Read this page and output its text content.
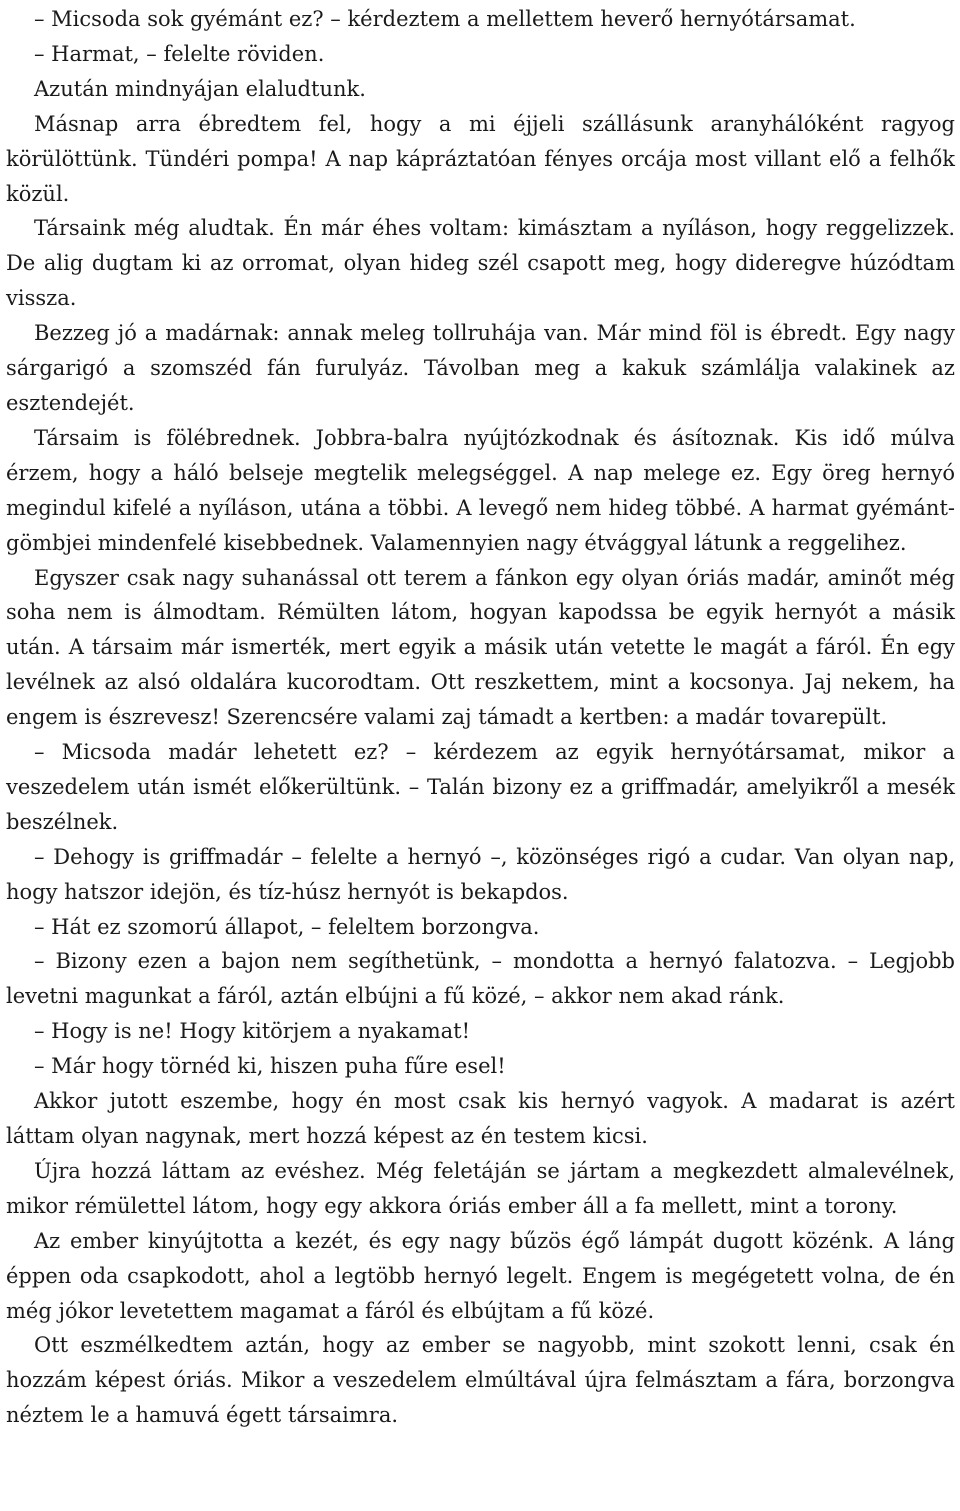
– Micsoda sok gyémánt ez? – kérdeztem a mellettem heverő hernyótársamat.

– Harmat, – felelte röviden.

Azután mindnyájan elaludtunk.

Másnap arra ébredtem fel, hogy a mi éjjeli szállásunk aranyhálóként ragyog körülöttünk. Tündéri pompa! A nap kápráztatóan fényes orcája most villant elő a felhők közül.

Társaink még aludtak. Én már éhes voltam: kimásztam a nyíláson, hogy reggelizzek. De alig dugtam ki az orromat, olyan hideg szél csapott meg, hogy dideregve húzódtam vissza.

Bezzeg jó a madárnak: annak meleg tollruhája van. Már mind föl is ébredt. Egy nagy sárgarigó a szomszéd fán furulyáz. Távolban meg a kakuk számlálja valakinek az esztendejét.

Társaim is fölébrednek. Jobbra-balra nyújtózkodnak és ásítoznak. Kis idő múlva érzem, hogy a háló belseje megtelik melegséggel. A nap melege ez. Egy öreg hernyó megindul kifelé a nyíláson, utána a többi. A levegő nem hideg többé. A harmat gyémánt-gömbjei mindenfelé kisebbednek. Valamennyien nagy étvággyal látunk a reggelihez.

Egyszer csak nagy suhanással ott terem a fánkon egy olyan óriás madár, aminőt még soha nem is álmodtam. Rémülten látom, hogyan kapodssa be egyik hernyót a másik után. A társaim már ismerték, mert egyik a másik után vetette le magát a fáról. Én egy levélnek az alsó oldalára kucorodtam. Ott reszkettem, mint a kocsonya. Jaj nekem, ha engem is észrevesz! Szerencsére valami zaj támadt a kertben: a madár tovarepült.

– Micsoda madár lehetett ez? – kérdezem az egyik hernyótársamat, mikor a veszedelem után ismét előkerültünk. – Talán bizony ez a griffmadár, amelyikről a mesék beszélnek.

– Dehogy is griffmadár – felelte a hernyó –, közönséges rigó a cudar. Van olyan nap, hogy hatszor idejön, és tíz-húsz hernyót is bekapdos.

– Hát ez szomorú állapot, – feleltem borzongva.

– Bizony ezen a bajon nem segíthetünk, – mondotta a hernyó falatozva. – Legjobb levetni magunkat a fáról, aztán elbújni a fű közé, – akkor nem akad ránk.

– Hogy is ne! Hogy kitörjem a nyakamat!

– Már hogy törnéd ki, hiszen puha fűre esel!

Akkor jutott eszembe, hogy én most csak kis hernyó vagyok. A madarat is azért láttam olyan nagynak, mert hozzá képest az én testem kicsi.

Újra hozzá láttam az evéshez. Még feletáján se jártam a megkezdett almalevélnek, mikor rémülettel látom, hogy egy akkora óriás ember áll a fa mellett, mint a torony.

Az ember kinyújtotta a kezét, és egy nagy bűzös égő lámpát dugott közénk. A láng éppen oda csapkodott, ahol a legtöbb hernyó legelt. Engem is megégetett volna, de én még jókor levetettem magamat a fáról és elbújtam a fű közé.

Ott eszmélkedtem aztán, hogy az ember se nagyobb, mint szokott lenni, csak én hozzám képest óriás. Mikor a veszedelem elmúltával újra felmásztam a fára, borzongva néztem le a hamuvá égett társaimra.
